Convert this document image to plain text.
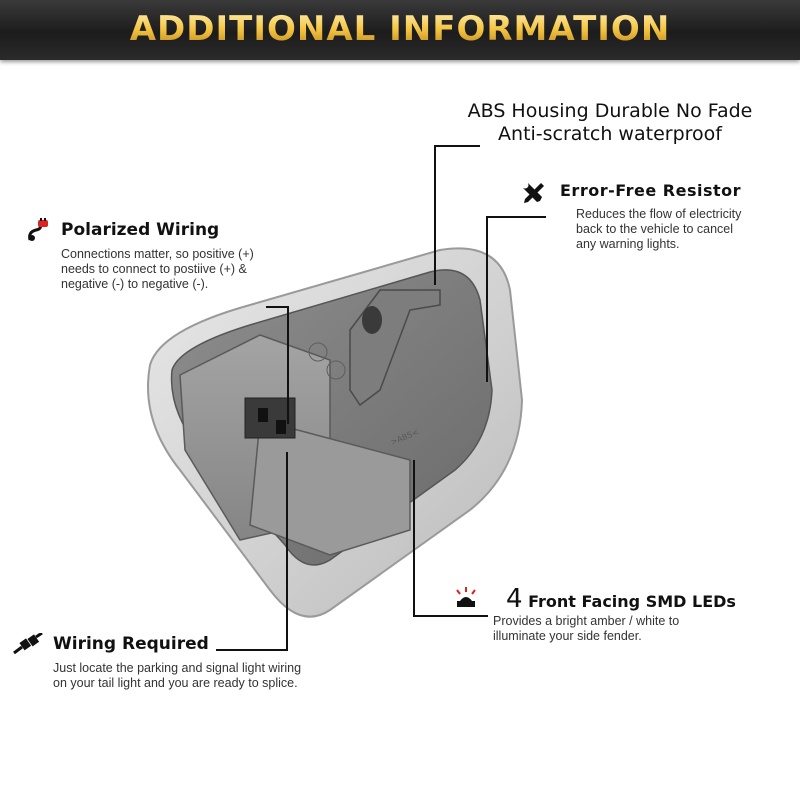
ADDITIONAL INFORMATION
>ABS<
ABS Housing Durable No Fade
Anti-scratch waterproof
Error-Free Resistor
Reduces the flow of electricity
back to the vehicle to cancel
any warning lights.
Polarized Wiring
Connections matter, so positive (+)
needs to connect to postiive (+) &
negative (-) to negative (-).
4 Front Facing SMD LEDs
Provides a bright amber / white to
illuminate your side fender.
Wiring Required
Just locate the parking and signal light wiring
on your tail light and you are ready to splice.
